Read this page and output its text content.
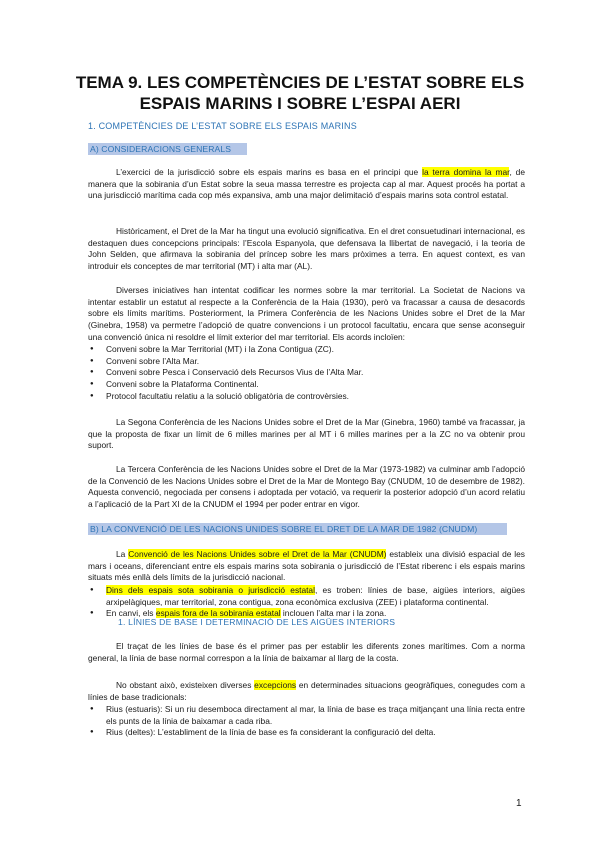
TEMA 9. LES COMPETÈNCIES DE L’ESTAT SOBRE ELS
ESPAIS MARINS I SOBRE L’ESPAI AERI
1. COMPETÈNCIES DE L’ESTAT SOBRE ELS ESPAIS MARINS
A) CONSIDERACIONS GENERALS
L’exercici de la jurisdicció sobre els espais marins es basa en el principi que la terra domina la mar, de manera que la sobirania d’un Estat sobre la seua massa terrestre es projecta cap al mar. Aquest procés ha portat a una jurisdicció marítima cada cop més expansiva, amb una major delimitació d’espais marins sota control estatal.
Històricament, el Dret de la Mar ha tingut una evolució significativa. En el dret consuetudinari internacional, es destaquen dues concepcions principals: l’Escola Espanyola, que defensava la llibertat de navegació, i la teoria de John Selden, que afirmava la sobirania del príncep sobre les mars pròximes a terra. En aquest context, es van introduir els conceptes de mar territorial (MT) i alta mar (AL).
Diverses iniciatives han intentat codificar les normes sobre la mar territorial. La Societat de Nacions va intentar establir un estatut al respecte a la Conferència de la Haia (1930), però va fracassar a causa de desacords sobre els límits marítims. Posteriorment, la Primera Conferència de les Nacions Unides sobre el Dret de la Mar (Ginebra, 1958) va permetre l’adopció de quatre convencions i un protocol facultatiu, encara que sense aconseguir una convenció única ni resoldre el límit exterior del mar territorial. Els acords incloïen:
● Conveni sobre la Mar Territorial (MT) i la Zona Contigua (ZC).
● Conveni sobre l’Alta Mar.
● Conveni sobre Pesca i Conservació dels Recursos Vius de l’Alta Mar.
● Conveni sobre la Plataforma Continental.
● Protocol facultatiu relatiu a la solució obligatòria de controvèrsies.
La Segona Conferència de les Nacions Unides sobre el Dret de la Mar (Ginebra, 1960) també va fracassar, ja que la proposta de fixar un límit de 6 milles marines per al MT i 6 milles marines per a la ZC no va obtenir prou suport.
La Tercera Conferència de les Nacions Unides sobre el Dret de la Mar (1973-1982) va culminar amb l’adopció de la Convenció de les Nacions Unides sobre el Dret de la Mar de Montego Bay (CNUDM, 10 de desembre de 1982). Aquesta convenció, negociada per consens i adoptada per votació, va requerir la posterior adopció d’un acord relatiu a l’aplicació de la Part XI de la CNUDM el 1994 per poder entrar en vigor.
B) LA CONVENCIÓ DE LES NACIONS UNIDES SOBRE EL DRET DE LA MAR DE 1982 (CNUDM)
La Convenció de les Nacions Unides sobre el Dret de la Mar (CNUDM) estableix una divisió espacial de les mars i oceans, diferenciant entre els espais marins sota sobirania o jurisdicció de l’Estat riberenc i els espais marins situats més enllà dels límits de la jurisdicció nacional.
● Dins dels espais sota sobirania o jurisdicció estatal, es troben: línies de base, aigües interiors, aigües arxipelàgiques, mar territorial, zona contigua, zona econòmica exclusiva (ZEE) i plataforma continental.
● En canvi, els espais fora de la sobirania estatal inclouen l’alta mar i la zona.
1. LÍNIES DE BASE I DETERMINACIÓ DE LES AIGÜES INTERIORS
El traçat de les línies de base és el primer pas per establir les diferents zones marítimes. Com a norma general, la línia de base normal correspon a la línia de baixamar al llarg de la costa.
No obstant això, existeixen diverses excepcions en determinades situacions geogràfiques, conegudes com a línies de base tradicionals:
● Rius (estuaris): Si un riu desemboca directament al mar, la línia de base es traça mitjançant una línia recta entre els punts de la línia de baixamar a cada riba.
● Rius (deltes): L’establiment de la línia de base es fa considerant la configuració del delta.
1
